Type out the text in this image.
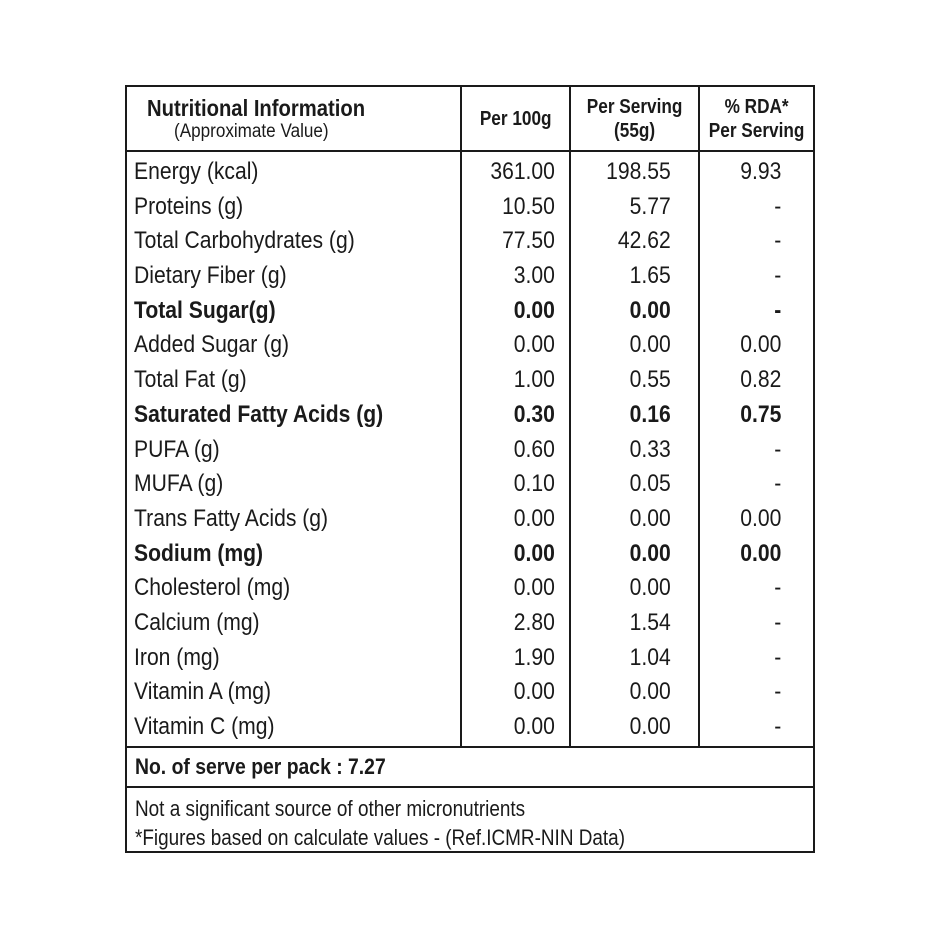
Nutritional Information
(Approximate Value)
Per 100g
Per Serving
(55g)
% RDA*
Per Serving
Energy (kcal)
Proteins (g)
Total Carbohydrates (g)
Dietary Fiber (g)
Total Sugar(g)
Added Sugar (g)
Total Fat (g)
Saturated Fatty Acids (g)
PUFA (g)
MUFA (g)
Trans Fatty Acids (g)
Sodium (mg)
Cholesterol (mg)
Calcium (mg)
Iron (mg)
Vitamin A (mg)
Vitamin C (mg)
361.00
10.50
77.50
3.00
0.00
0.00
1.00
0.30
0.60
0.10
0.00
0.00
0.00
2.80
1.90
0.00
0.00
198.55
5.77
42.62
1.65
0.00
0.00
0.55
0.16
0.33
0.05
0.00
0.00
0.00
1.54
1.04
0.00
0.00
9.93
-
-
-
-
0.00
0.82
0.75
-
-
0.00
0.00
-
-
-
-
-
No. of serve per pack : 7.27
Not a significant source of other micronutrients
*Figures based on calculate values - (Ref.ICMR-NIN Data)
